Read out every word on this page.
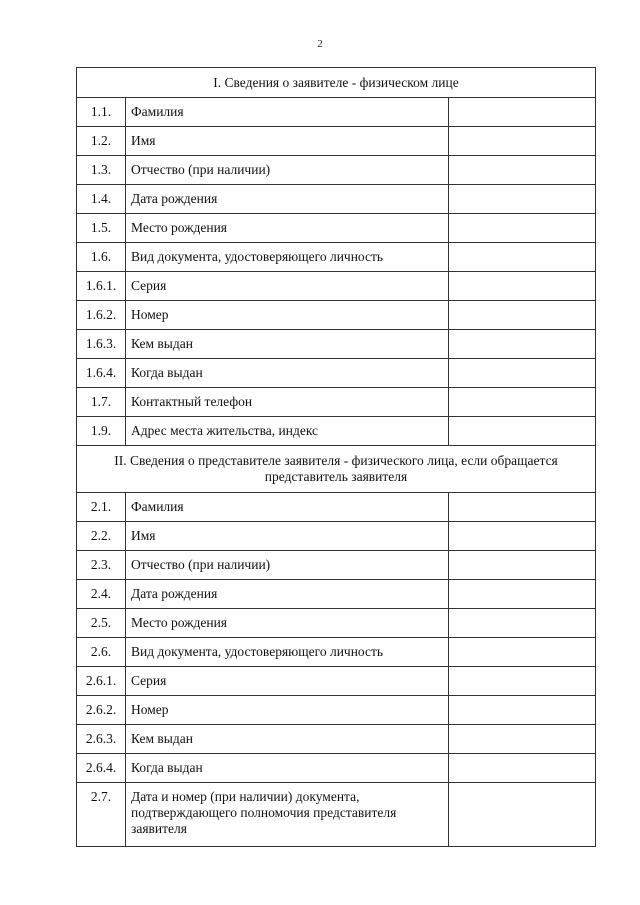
2
I. Сведения о заявителе - физическом лице		
1.1.	Фамилия	
1.2.	Имя	
1.3.	Отчество (при наличии)	
1.4.	Дата рождения	
1.5.	Место рождения	
1.6.	Вид документа, удостоверяющего личность	
1.6.1.	Серия	
1.6.2.	Номер	
1.6.3.	Кем выдан	
1.6.4.	Когда выдан	
1.7.	Контактный телефон	
1.9.	Адрес места жительства, индекс	
II. Сведения о представителе заявителя - физического лица, если обращается представитель заявителя		
2.1.	Фамилия	
2.2.	Имя	
2.3.	Отчество (при наличии)	
2.4.	Дата рождения	
2.5.	Место рождения	
2.6.	Вид документа, удостоверяющего личность	
2.6.1.	Серия	
2.6.2.	Номер	
2.6.3.	Кем выдан	
2.6.4.	Когда выдан	
2.7.	Дата и номер (при наличии) документа, подтверждающего полномочия представителя заявителя	
